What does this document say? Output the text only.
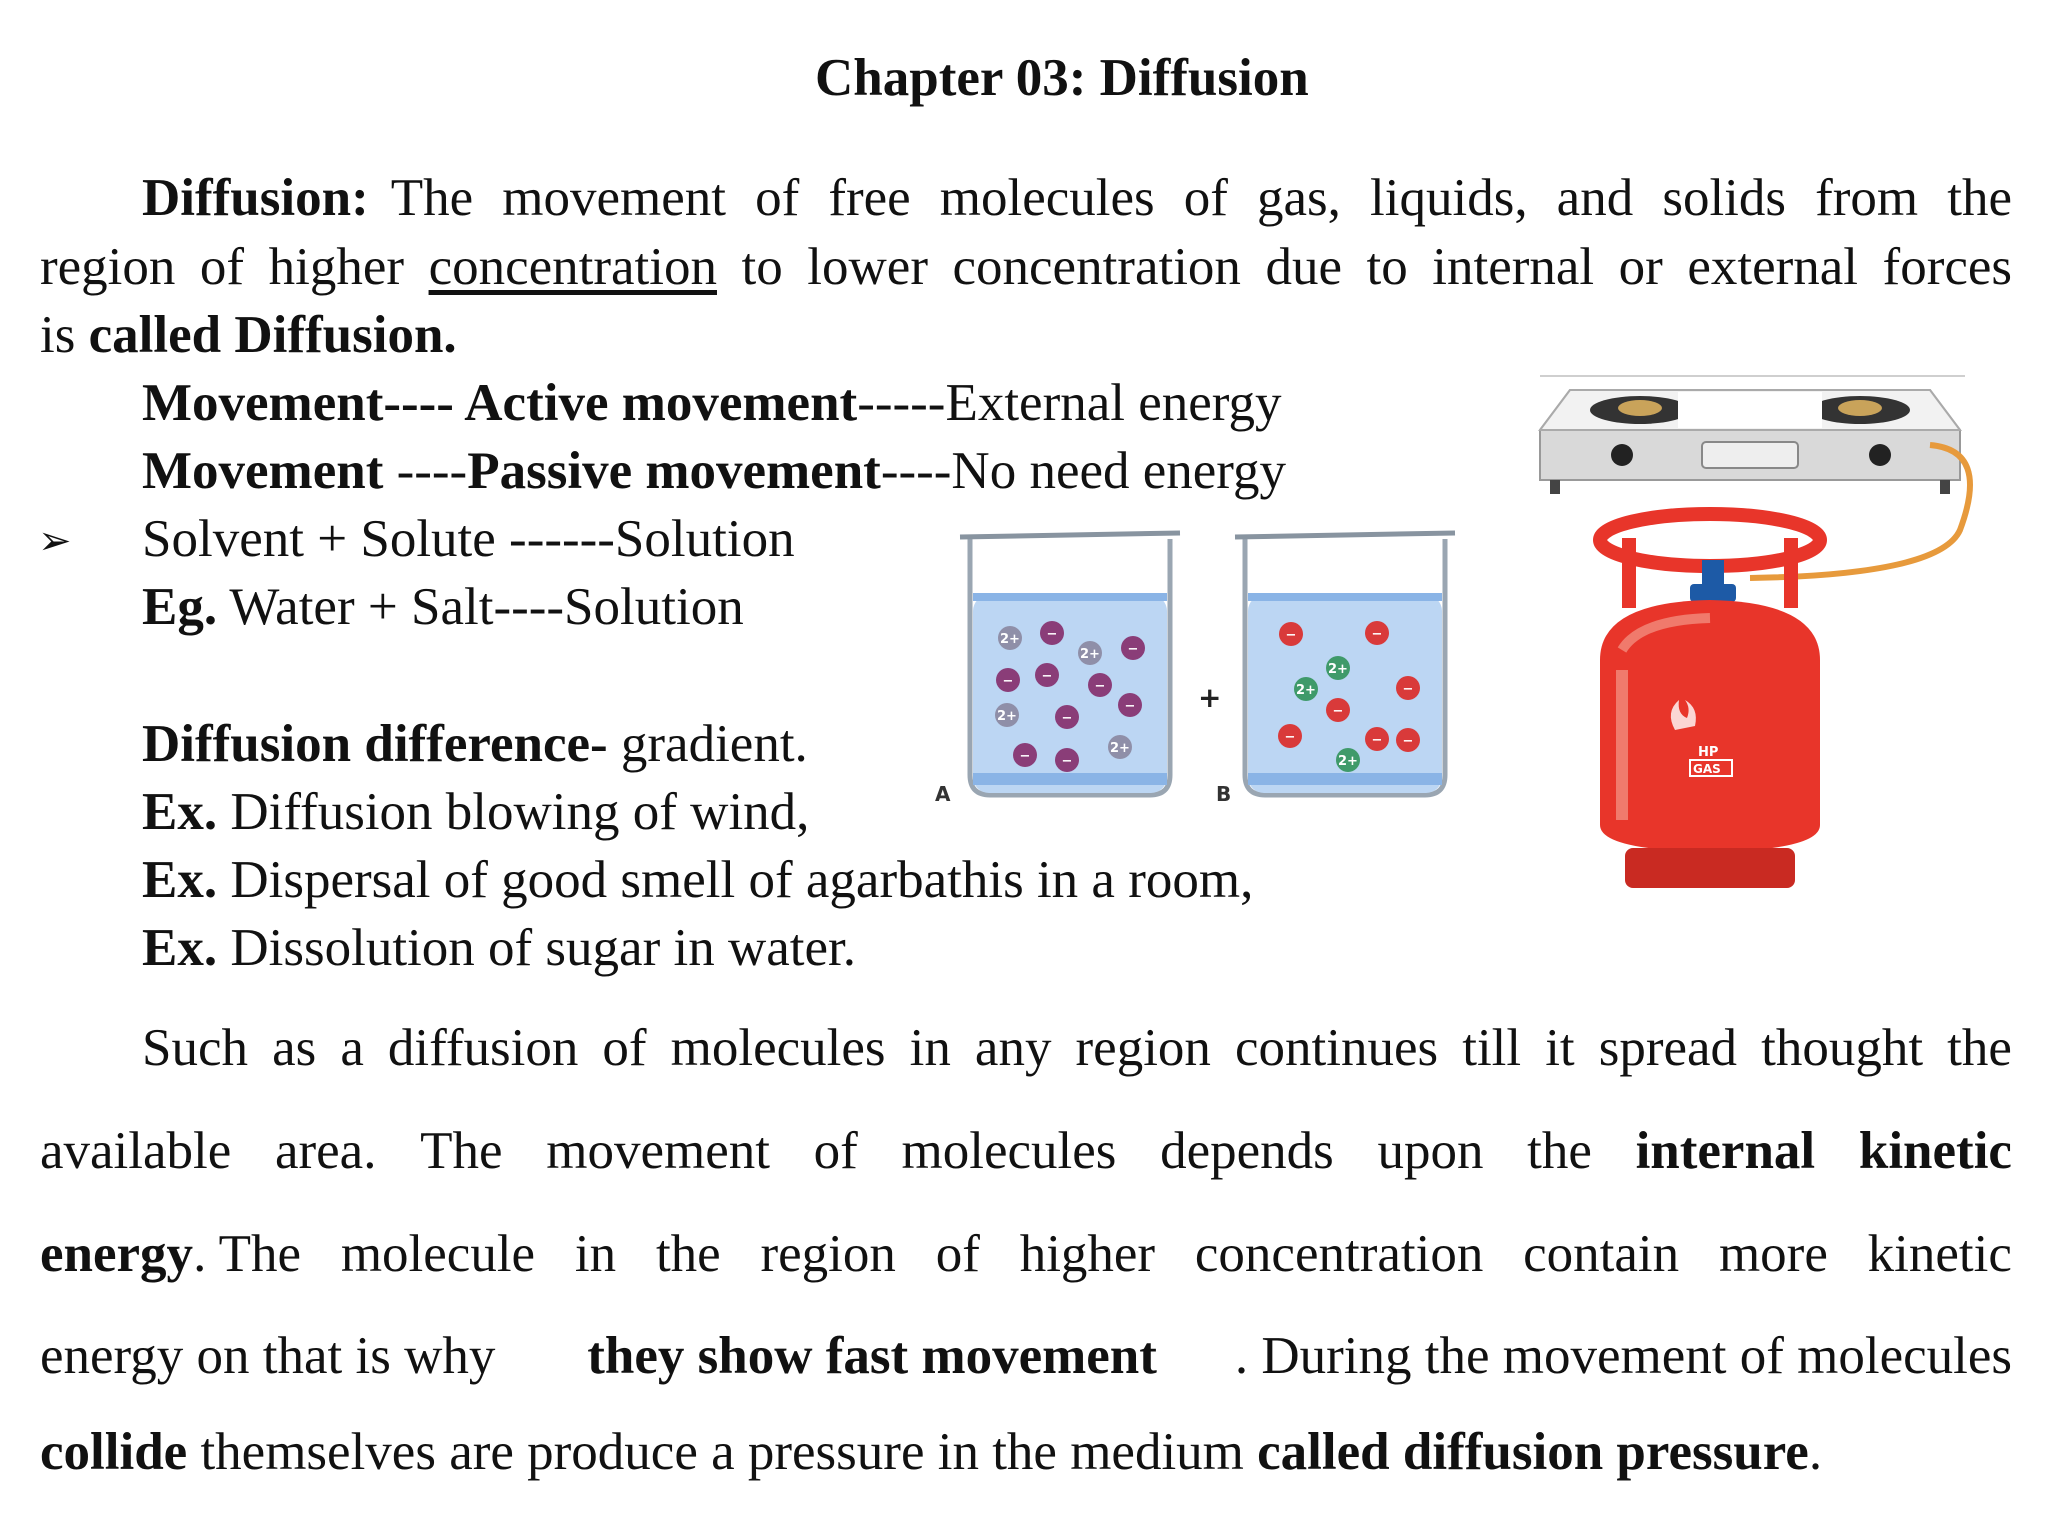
Chapter 03: Diffusion
Diffusion: The movement of free molecules of gas, liquids, and solids from the
region of higher concentration to lower concentration due to internal or external forces
is called Diffusion.
Movement---- Active movement-----External energy
Movement ----Passive movement----No need energy
➢ Solvent + Solute ------Solution
Eg. Water + Salt----Solution
Diffusion difference- gradient.
Ex. Diffusion blowing of wind,
Ex. Dispersal of good smell of agarbathis in a room,
Ex. Dissolution of sugar in water.
2+ −
2+ −
− −
−
2+	−
−
− −
2+
−	−
2+
2+	−
−
−	− −
2+
A	B
+
HP
GAS
Such as a diffusion of molecules in any region continues till it spread thought the
available area. The movement of molecules depends upon the internal kinetic
energy. The molecule in the region of higher concentration contain more kinetic
energy on that is why they show fast movement . During the movement of molecules
collide themselves are produce a pressure in the medium called diffusion pressure.
